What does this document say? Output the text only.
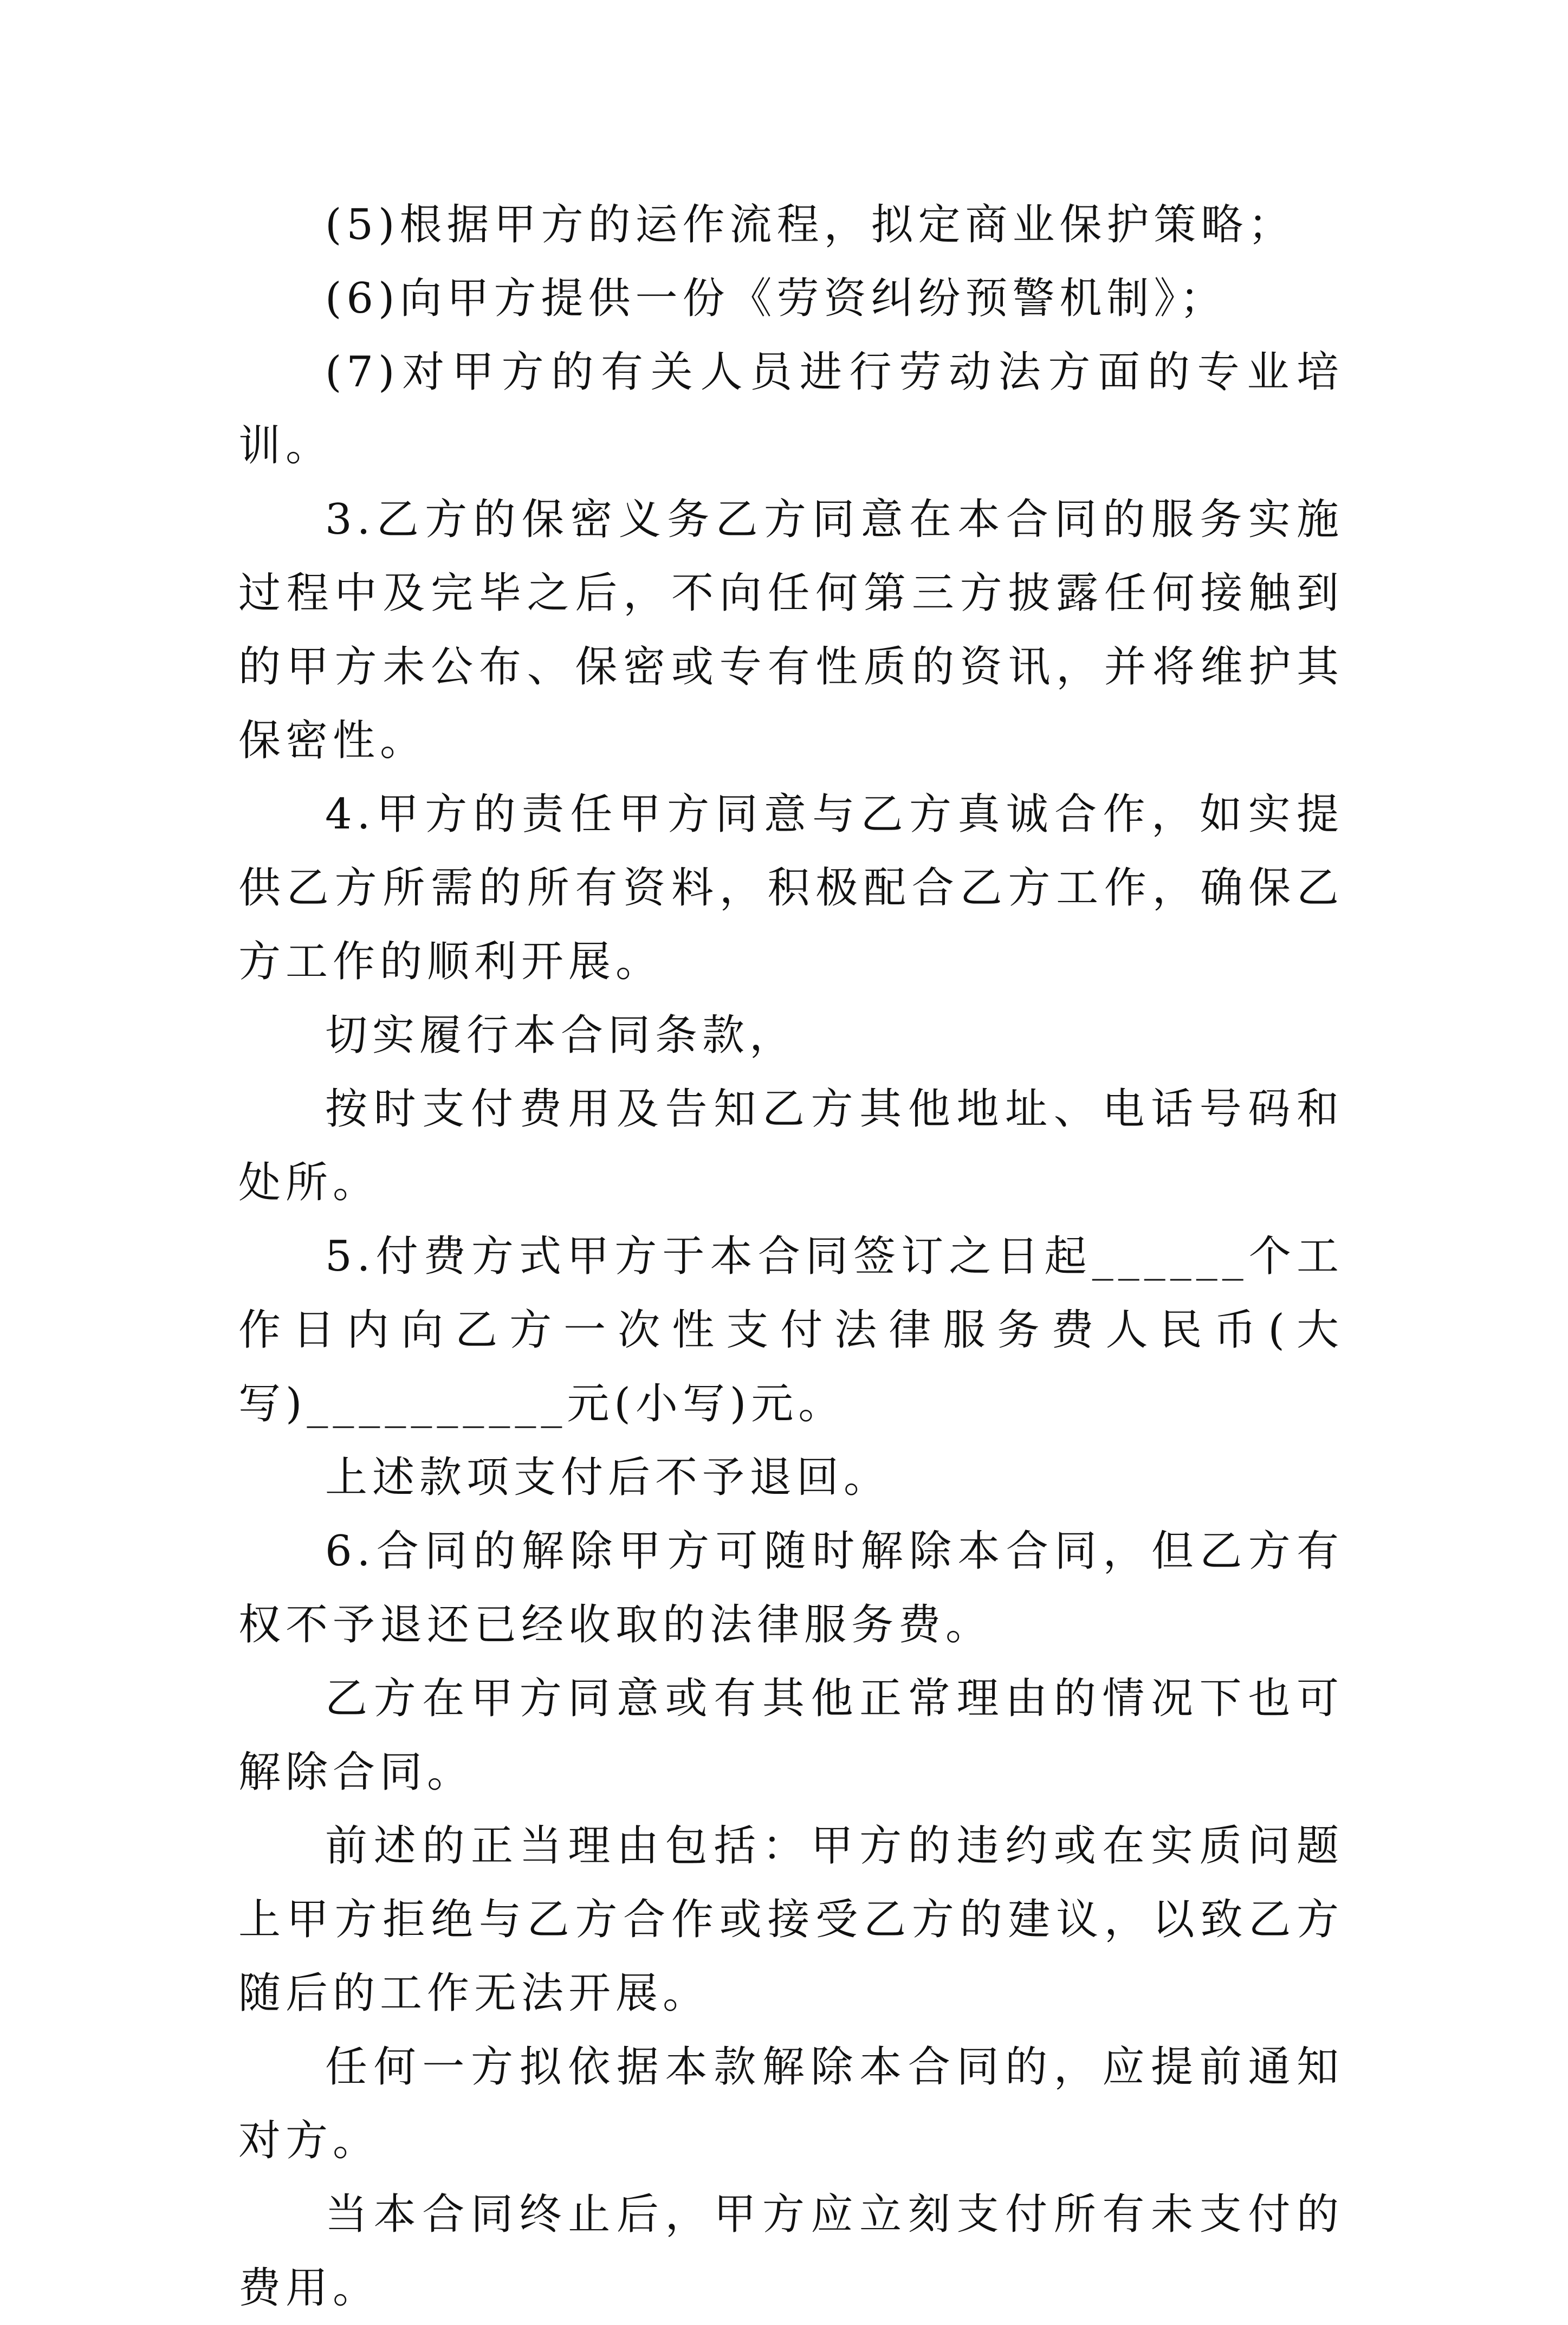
(5)根据甲方的运作流程，拟定商业保护策略；

(6)向甲方提供一份《劳资纠纷预警机制》；

(7)对甲方的有关人员进行劳动法方面的专业培训。

3.乙方的保密义务乙方同意在本合同的服务实施过程中及完毕之后，不向任何第三方披露任何接触到的甲方未公布、保密或专有性质的资讯，并将维护其保密性。

4.甲方的责任甲方同意与乙方真诚合作，如实提供乙方所需的所有资料，积极配合乙方工作，确保乙方工作的顺利开展。

切实履行本合同条款，

按时支付费用及告知乙方其他地址、电话号码和处所。

5.付费方式甲方于本合同签订之日起______个工作日内向乙方一次性支付法律服务费人民币(大写)__________元(小写)元。

上述款项支付后不予退回。

6.合同的解除甲方可随时解除本合同，但乙方有权不予退还已经收取的法律服务费。

乙方在甲方同意或有其他正常理由的情况下也可解除合同。

前述的正当理由包括：甲方的违约或在实质问题上甲方拒绝与乙方合作或接受乙方的建议，以致乙方随后的工作无法开展。

任何一方拟依据本款解除本合同的，应提前通知对方。

当本合同终止后，甲方应立刻支付所有未支付的费用。
